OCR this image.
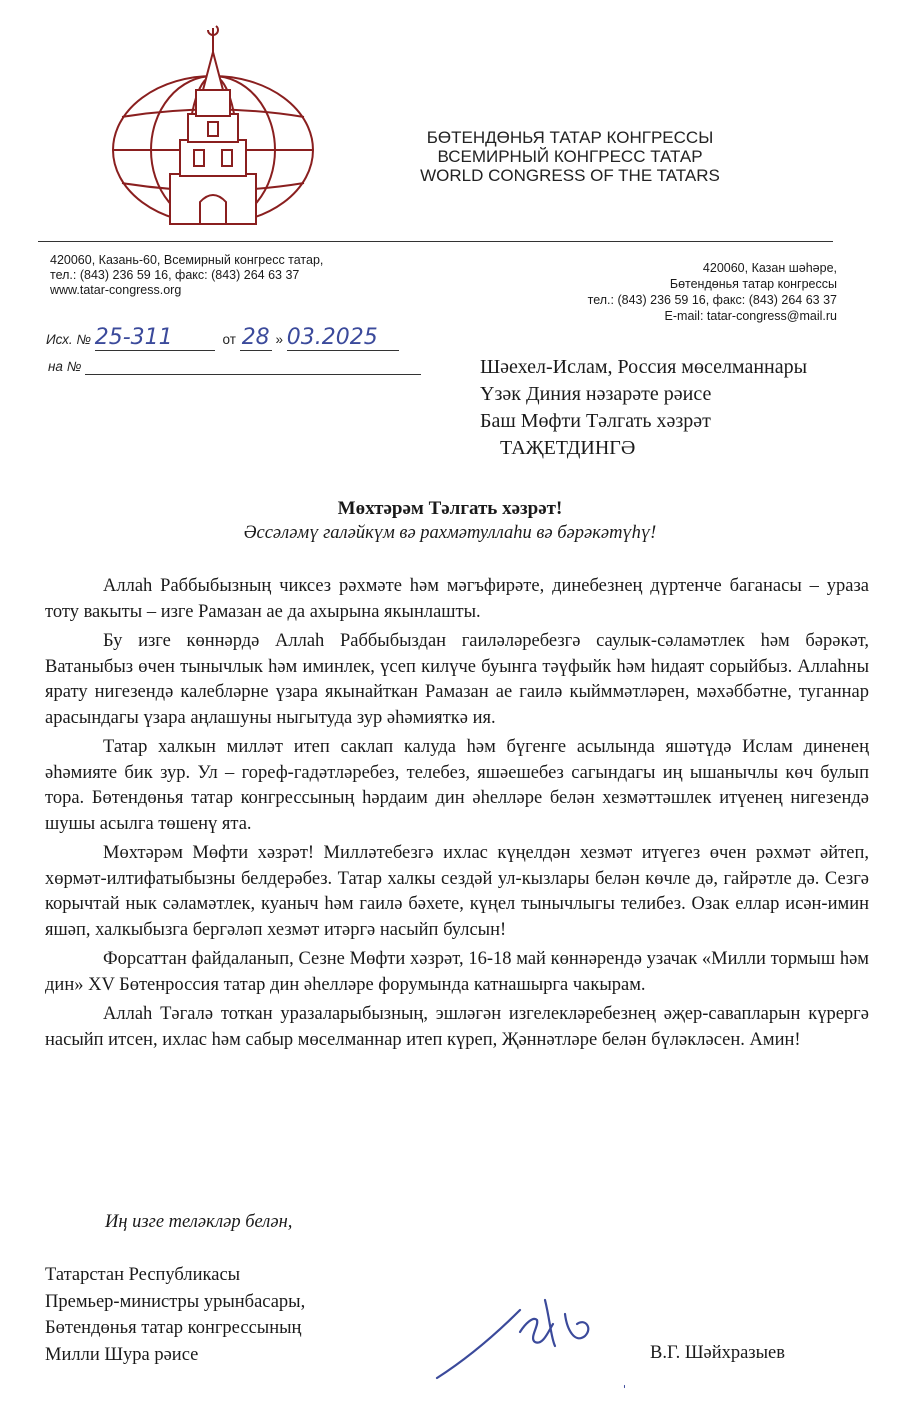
БӨТЕНДӨНЬЯ ТАТАР КОНГРЕССЫ
ВСЕМИРНЫЙ КОНГРЕСС ТАТАР
WORLD CONGRESS OF THE TATARS
420060, Казань-60, Всемирный конгресс татар,
тел.: (843) 236 59 16, факс: (843) 264 63 37
www.tatar-congress.org
420060, Казан шәһәре,
Бөтендөнья татар конгрессы
тел.: (843) 236 59 16, факс: (843) 264 63 37
E-mail: tatar-congress@mail.ru
Исх. № 25-311	от 28 » 03.2025
на №	Шәехел-Ислам, Россия мөселманнары
Үзәк Диния нәзарәте рәисе
Баш Мөфти Тәлгать хәзрәт
ТАҖЕТДИНГӘ
Мөхтәрәм Тәлгать хәзрәт!
Әссәләмү галәйкүм вә рахмәтуллаһи вә бәрәкәтүһү!

Аллаһ Раббыбызның чиксез рәхмәте һәм мәгъфирәте, динебезнең дүртенче баганасы – ураза тоту вакыты – изге Рамазан ае да ахырына якынлашты.

Бу изге көннәрдә Аллаһ Раббыбыздан гаиләләребезгә саулык-сәламәтлек һәм бәрәкәт, Ватаныбыз өчен тынычлык һәм иминлек, үсеп килүче буынга тәүфыйк һәм һидаят сорыйбыз. Аллаһны ярату нигезендә калебләрне үзара якынайткан Рамазан ае гаилә кыйммәтләрен, мәхәббәтне, туганнар арасындагы үзара аңлашуны ныгытуда зур әһәмияткә ия.

Татар халкын милләт итеп саклап калуда һәм бүгенге асылында яшәтүдә Ислам диненең әһәмияте бик зур. Ул – гореф-гадәтләребез, телебез, яшәешебез сагындагы иң ышанычлы көч булып тора. Бөтендөнья татар конгрессының һәрдаим дин әһелләре белән хезмәттәшлек итүенең нигезендә шушы асылга төшенү ята.

Мөхтәрәм Мөфти хәзрәт! Милләтебезгә ихлас күңелдән хезмәт итүегез өчен рәхмәт әйтеп, хөрмәт-илтифатыбызны белдерәбез. Татар халкы сездәй ул-кызлары белән көчле дә, гайрәтле дә. Сезгә корычтай нык сәламәтлек, куаныч һәм гаилә бәхете, күңел тынычлыгы телибез. Озак еллар исән-имин яшәп, халкыбызга бергәләп хезмәт итәргә насыйп булсын!

Форсаттан файдаланып, Сезне Мөфти хәзрәт, 16-18 май көннәрендә узачак «Милли тормыш һәм дин» XV Бөтенроссия татар дин әһелләре форумында катнашырга чакырам.

Аллаһ Тәгалә тоткан уразаларыбызның, эшләгән изгелекләребезнең әҗер-савапларын күрергә насыйп итсен, ихлас һәм сабыр мөселманнар итеп күреп, Җәннәтләре белән бүләкләсен. Амин!

Иң изге теләкләр белән,
Татарстан Республикасы
Премьер-министры урынбасары,
Бөтендөнья татар конгрессының
Милли Шура рәисе	В.Г. Шәйхразыев
